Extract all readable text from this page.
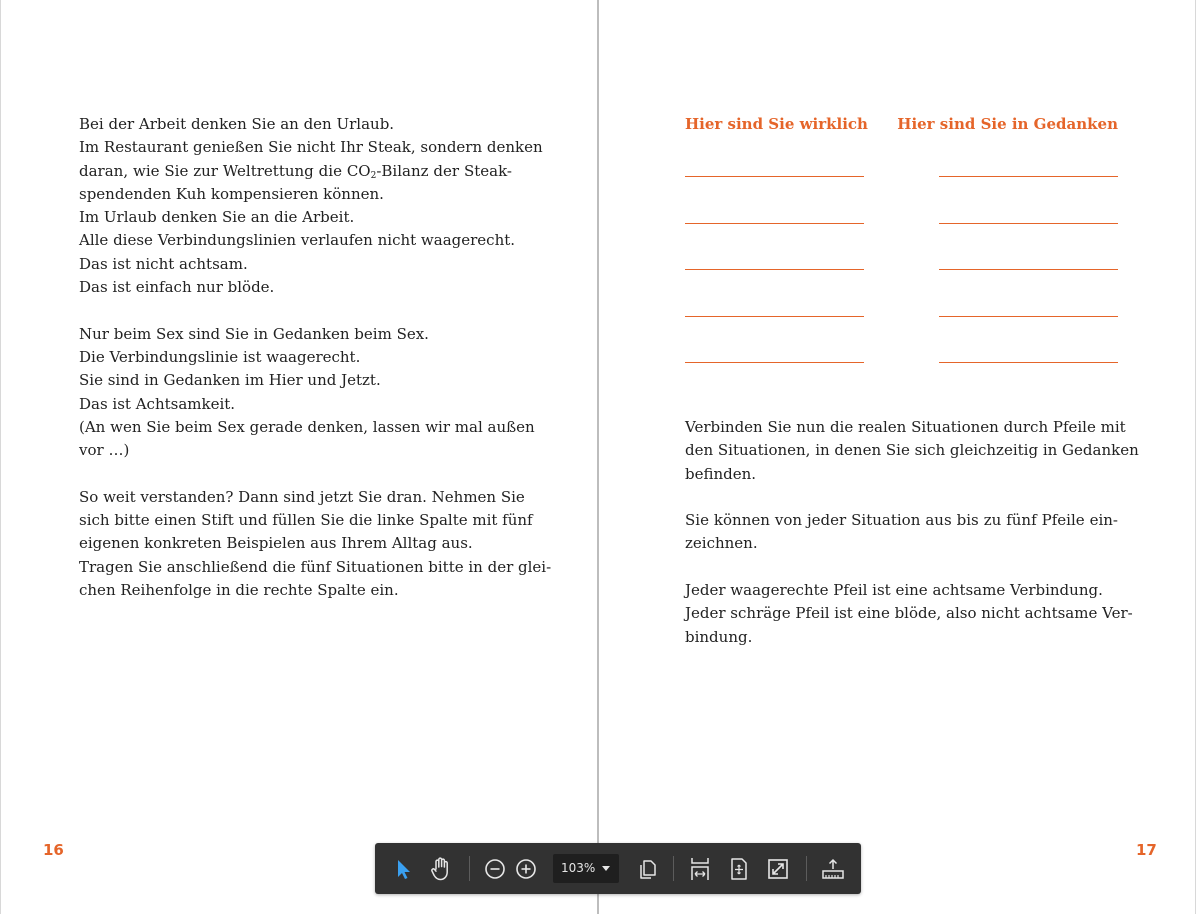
Bei der Arbeit denken Sie an den Urlaub.
Im Restaurant genießen Sie nicht Ihr Steak, sondern denken
daran, wie Sie zur Weltrettung die $CO_2$-Bilanz der Steak-
spendenden Kuh kompensieren können.
Im Urlaub denken Sie an die Arbeit.
Alle diese Verbindungslinien verlaufen nicht waagerecht.
Das ist nicht achtsam.
Das ist einfach nur blöde.
Nur beim Sex sind Sie in Gedanken beim Sex.
Die Verbindungslinie ist waagerecht.
Sie sind in Gedanken im Hier und Jetzt.
Das ist Achtsamkeit.
(An wen Sie beim Sex gerade denken, lassen wir mal außen
vor …)
So weit verstanden? Dann sind jetzt Sie dran. Nehmen Sie
sich bitte einen Stift und füllen Sie die linke Spalte mit fünf
eigenen konkreten Beispielen aus Ihrem Alltag aus.
Tragen Sie anschließend die fünf Situationen bitte in der glei-
chen Reihenfolge in die rechte Spalte ein.
16	17
Hier sind Sie wirklich Hier sind Sie in Gedanken
Verbinden Sie nun die realen Situationen durch Pfeile mit
den Situationen, in denen Sie sich gleichzeitig in Gedanken
befinden.
Sie können von jeder Situation aus bis zu fünf Pfeile ein-
zeichnen.
Jeder waagerechte Pfeil ist eine achtsame Verbindung.
Jeder schräge Pfeil ist eine blöde, also nicht achtsame Ver-
bindung.
103%
